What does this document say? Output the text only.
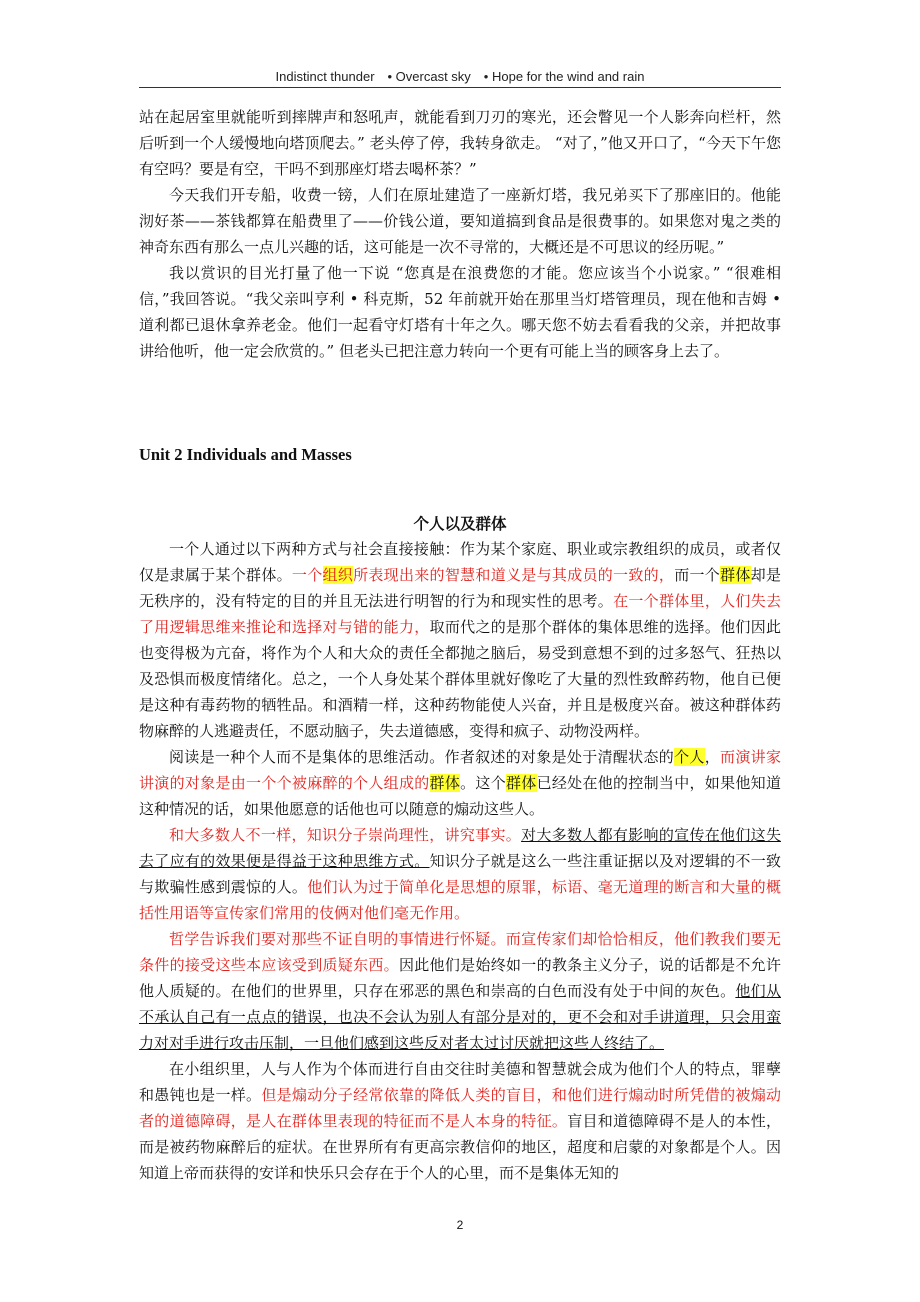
Indistinct thunder　• Overcast sky　• Hope for the wind and rain

站在起居室里就能听到摔牌声和怒吼声，就能看到刀刃的寒光，还会瞥见一个人影奔向栏杆，然后听到一个人缓慢地向塔顶爬去。” 老头停了停，我转身欲走。 “对了，”他又开口了，“今天下午您有空吗？要是有空，干吗不到那座灯塔去喝杯茶？”

今天我们开专船，收费一镑，人们在原址建造了一座新灯塔，我兄弟买下了那座旧的。他能沏好茶——茶钱都算在船费里了——价钱公道，要知道搞到食品是很费事的。如果您对鬼之类的神奇东西有那么一点儿兴趣的话，这可能是一次不寻常的，大概还是不可思议的经历呢。”

我以赏识的目光打量了他一下说 “您真是在浪费您的才能。您应该当个小说家。” “很难相信，”我回答说。“我父亲叫亨利 • 科克斯，52 年前就开始在那里当灯塔管理员，现在他和吉姆 • 道利都已退休拿养老金。他们一起看守灯塔有十年之久。哪天您不妨去看看我的父亲，并把故事讲给他听，他一定会欣赏的。” 但老头已把注意力转向一个更有可能上当的顾客身上去了。

Unit 2 Individuals and Masses
个人以及群体

一个人通过以下两种方式与社会直接接触：作为某个家庭、职业或宗教组织的成员，或者仅仅是隶属于某个群体。一个组织所表现出来的智慧和道义是与其成员的一致的，而一个群体却是无秩序的，没有特定的目的并且无法进行明智的行为和现实性的思考。在一个群体里，人们失去了用逻辑思维来推论和选择对与错的能力，取而代之的是那个群体的集体思维的选择。他们因此也变得极为亢奋，将作为个人和大众的责任全都抛之脑后，易受到意想不到的过多怒气、狂热以及恐惧而极度情绪化。总之，一个人身处某个群体里就好像吃了大量的烈性致醉药物，他自已便是这种有毒药物的牺牲品。和酒精一样，这种药物能使人兴奋，并且是极度兴奋。被这种群体药物麻醉的人逃避责任，不愿动脑子，失去道德感，变得和疯子、动物没两样。

阅读是一种个人而不是集体的思维活动。作者叙述的对象是处于清醒状态的个人，而演讲家讲演的对象是由一个个被麻醉的个人组成的群体。这个群体已经处在他的控制当中，如果他知道这种情况的话，如果他愿意的话他也可以随意的煽动这些人。

和大多数人不一样，知识分子崇尚理性，讲究事实。对大多数人都有影响的宣传在他们这失去了应有的效果便是得益于这种思维方式。知识分子就是这么一些注重证据以及对逻辑的不一致与欺骗性感到震惊的人。他们认为过于简单化是思想的原罪，标语、毫无道理的断言和大量的概括性用语等宣传家们常用的伎俩对他们毫无作用。

哲学告诉我们要对那些不证自明的事情进行怀疑。而宣传家们却恰恰相反，他们教我们要无条件的接受这些本应该受到质疑东西。因此他们是始终如一的教条主义分子，说的话都是不允许他人质疑的。在他们的世界里，只存在邪恶的黑色和崇高的白色而没有处于中间的灰色。他们从不承认自己有一点点的错误，也决不会认为别人有部分是对的，更不会和对手讲道理，只会用蛮力对对手进行攻击压制，一旦他们感到这些反对者太过讨厌就把这些人终结了。

在小组织里，人与人作为个体而进行自由交往时美德和智慧就会成为他们个人的特点，罪孽和愚钝也是一样。但是煽动分子经常依靠的降低人类的盲目，和他们进行煽动时所凭借的被煽动者的道德障碍，是人在群体里表现的特征而不是人本身的特征。盲目和道德障碍不是人的本性，而是被药物麻醉后的症状。在世界所有有更高宗教信仰的地区，超度和启蒙的对象都是个人。因知道上帝而获得的安详和快乐只会存在于个人的心里，而不是集体无知的

2
